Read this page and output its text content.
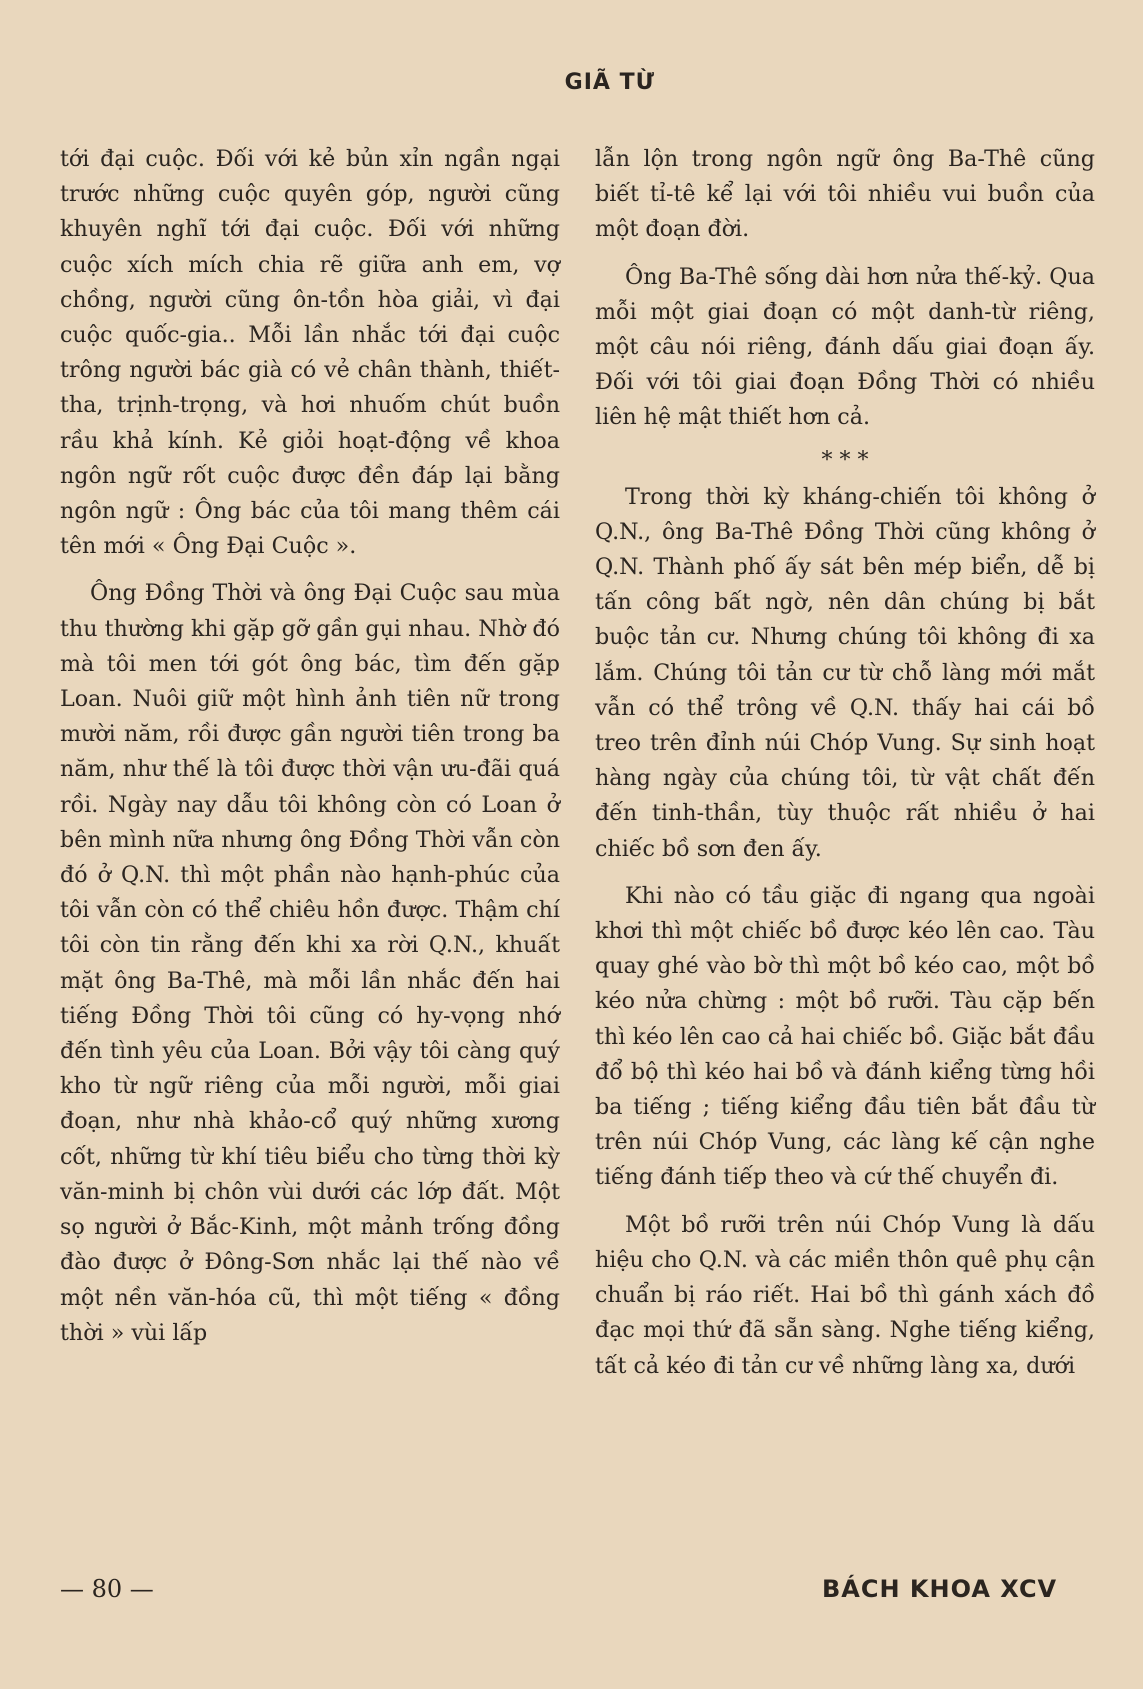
GIÃ TỪ

tới đại cuộc. Đối với kẻ bủn xỉn ngần ngại trước những cuộc quyên góp, người cũng khuyên nghĩ tới đại cuộc. Đối với những cuộc xích mích chia rẽ giữa anh em, vợ chồng, người cũng ôn-tồn hòa giải, vì đại cuộc quốc-gia.. Mỗi lần nhắc tới đại cuộc trông người bác già có vẻ chân thành, thiết-tha, trịnh-trọng, và hơi nhuốm chút buồn rầu khả kính. Kẻ giỏi hoạt-động về khoa ngôn ngữ rốt cuộc được đền đáp lại bằng ngôn ngữ : Ông bác của tôi mang thêm cái tên mới « Ông Đại Cuộc ».

Ông Đồng Thời và ông Đại Cuộc sau mùa thu thường khi gặp gỡ gần gụi nhau. Nhờ đó mà tôi men tới gót ông bác, tìm đến gặp Loan. Nuôi giữ một hình ảnh tiên nữ trong mười năm, rồi được gần người tiên trong ba năm, như thế là tôi được thời vận ưu-đãi quá rồi. Ngày nay dẫu tôi không còn có Loan ở bên mình nữa nhưng ông Đồng Thời vẫn còn đó ở Q.N. thì một phần nào hạnh-phúc của tôi vẫn còn có thể chiêu hồn được. Thậm chí tôi còn tin rằng đến khi xa rời Q.N., khuất mặt ông Ba-Thê, mà mỗi lần nhắc đến hai tiếng Đồng Thời tôi cũng có hy-vọng nhớ đến tình yêu của Loan. Bởi vậy tôi càng quý kho từ ngữ riêng của mỗi người, mỗi giai đoạn, như nhà khảo-cổ quý những xương cốt, những từ khí tiêu biểu cho từng thời kỳ văn-minh bị chôn vùi dưới các lớp đất. Một sọ người ở Bắc-Kinh, một mảnh trống đồng đào được ở Đông-Sơn nhắc lại thế nào về một nền văn-hóa cũ, thì một tiếng « đồng thời » vùi lấp

lẫn lộn trong ngôn ngữ ông Ba-Thê cũng biết tỉ-tê kể lại với tôi nhiều vui buồn của một đoạn đời.

Ông Ba-Thê sống dài hơn nửa thế-kỷ. Qua mỗi một giai đoạn có một danh-từ riêng, một câu nói riêng, đánh dấu giai đoạn ấy. Đối với tôi giai đoạn Đồng Thời có nhiều liên hệ mật thiết hơn cả.

* * *

Trong thời kỳ kháng-chiến tôi không ở Q.N., ông Ba-Thê Đồng Thời cũng không ở Q.N. Thành phố ấy sát bên mép biển, dễ bị tấn công bất ngờ, nên dân chúng bị bắt buộc tản cư. Nhưng chúng tôi không đi xa lắm. Chúng tôi tản cư từ chỗ làng mới mắt vẫn có thể trông về Q.N. thấy hai cái bồ treo trên đỉnh núi Chóp Vung. Sự sinh hoạt hàng ngày của chúng tôi, từ vật chất đến đến tinh-thần, tùy thuộc rất nhiều ở hai chiếc bồ sơn đen ấy.

Khi nào có tầu giặc đi ngang qua ngoài khơi thì một chiếc bồ được kéo lên cao. Tàu quay ghé vào bờ thì một bồ kéo cao, một bồ kéo nửa chừng : một bồ rưỡi. Tàu cặp bến thì kéo lên cao cả hai chiếc bồ. Giặc bắt đầu đổ bộ thì kéo hai bồ và đánh kiểng từng hồi ba tiếng ; tiếng kiểng đầu tiên bắt đầu từ trên núi Chóp Vung, các làng kế cận nghe tiếng đánh tiếp theo và cứ thế chuyển đi.

Một bồ rưỡi trên núi Chóp Vung là dấu hiệu cho Q.N. và các miền thôn quê phụ cận chuẩn bị ráo riết. Hai bồ thì gánh xách đồ đạc mọi thứ đã sẵn sàng. Nghe tiếng kiểng, tất cả kéo đi tản cư về những làng xa, dưới

— 80 —	BÁCH KHOA XCV
